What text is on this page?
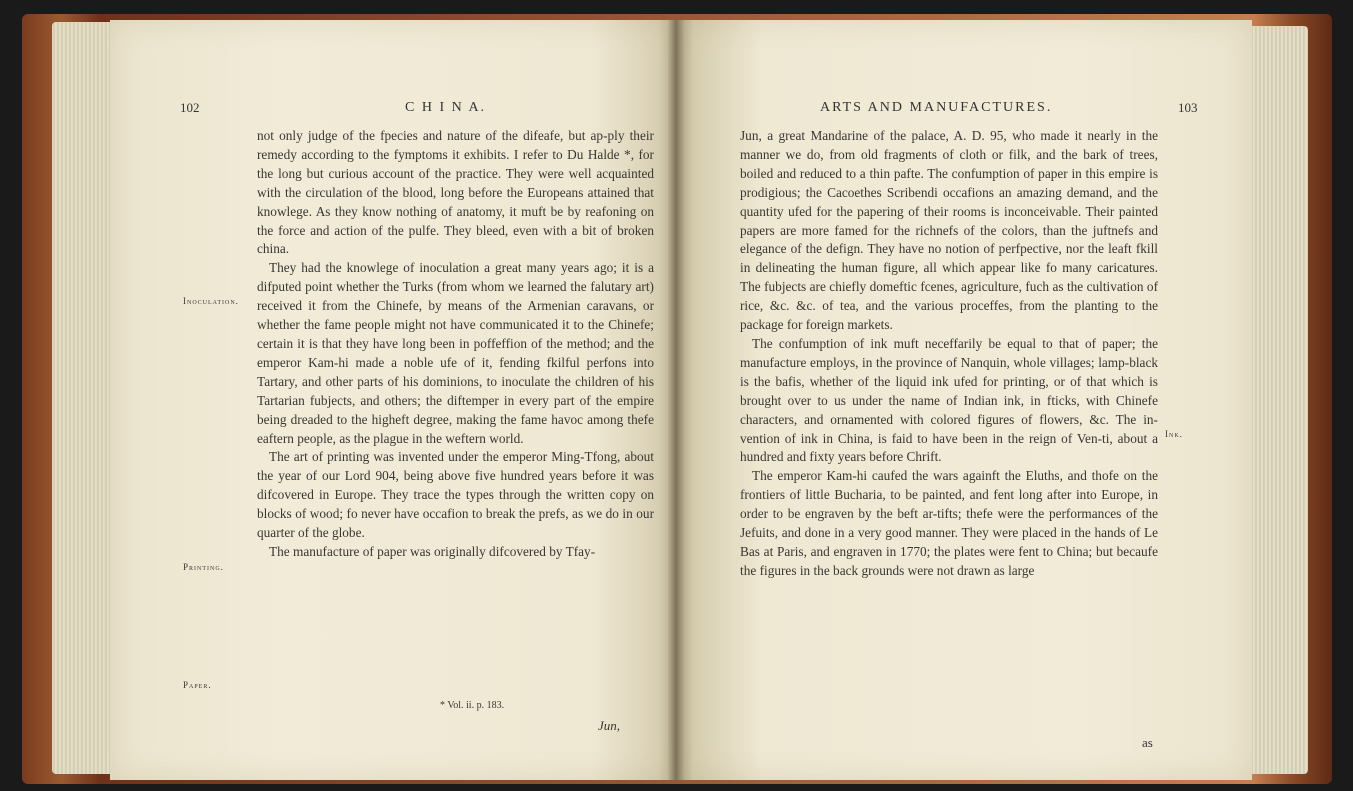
102	C H I N A.

not only judge of the fpecies and nature of the difeafe, but ap-ply their remedy according to the fymptoms it exhibits. I refer to Du Halde *, for the long but curious account of the practice. They were well acquainted with the circulation of the blood, long before the Europeans attained that knowlege. As they know nothing of anatomy, it muft be by reafoning on the force and action of the pulfe. They bleed, even with a bit of broken china.

They had the knowlege of inoculation a great many years ago; it is a difputed point whether the Turks (from whom we learned the falutary art) received it from the Chinefe, by means of the Armenian caravans, or whether the fame people might not have communicated it to the Chinefe; certain it is that they have long been in poffeffion of the method; and the emperor Kam-hi made a noble ufe of it, fending fkilful perfons into Tartary, and other parts of his dominions, to inoculate the children of his Tartarian fubjects, and others; the diftemper in every part of the empire being dreaded to the higheft degree, making the fame havoc among thefe eaftern people, as the plague in the weftern world.

The art of printing was invented under the emperor Ming-Tfong, about the year of our Lord 904, being above five hundred years before it was difcovered in Europe. They trace the types through the written copy on blocks of wood; fo never have occafion to break the prefs, as we do in our quarter of the globe.

The manufacture of paper was originally difcovered by Tfay-

Inoculation.
Printing.
Paper.
* Vol. ii. p. 183.
Jun,
ARTS AND MANUFACTURES.	103

Jun, a great Mandarine of the palace, A. D. 95, who made it nearly in the manner we do, from old fragments of cloth or filk, and the bark of trees, boiled and reduced to a thin pafte. The confumption of paper in this empire is prodigious; the Cacoethes Scribendi occafions an amazing demand, and the quantity ufed for the papering of their rooms is inconceivable. Their painted papers are more famed for the richnefs of the colors, than the juftnefs and elegance of the defign. They have no notion of perfpective, nor the leaft fkill in delineating the human figure, all which appear like fo many caricatures. The fubjects are chiefly domeftic fcenes, agriculture, fuch as the cultivation of rice, &c. &c. of tea, and the various proceffes, from the planting to the package for foreign markets.

The confumption of ink muft neceffarily be equal to that of paper; the manufacture employs, in the province of Nanquin, whole villages; lamp-black is the bafis, whether of the liquid ink ufed for printing, or of that which is brought over to us under the name of Indian ink, in fticks, with Chinefe characters, and ornamented with colored figures of flowers, &c. The in-vention of ink in China, is faid to have been in the reign of Ven-ti, about a hundred and fixty years before Chrift.

The emperor Kam-hi caufed the wars againft the Eluths, and thofe on the frontiers of little Bucharia, to be painted, and fent long after into Europe, in order to be engraven by the beft ar-tifts; thefe were the performances of the Jefuits, and done in a very good manner. They were placed in the hands of Le Bas at Paris, and engraven in 1770; the plates were fent to China; but becaufe the figures in the back grounds were not drawn as large

Ink.
as
